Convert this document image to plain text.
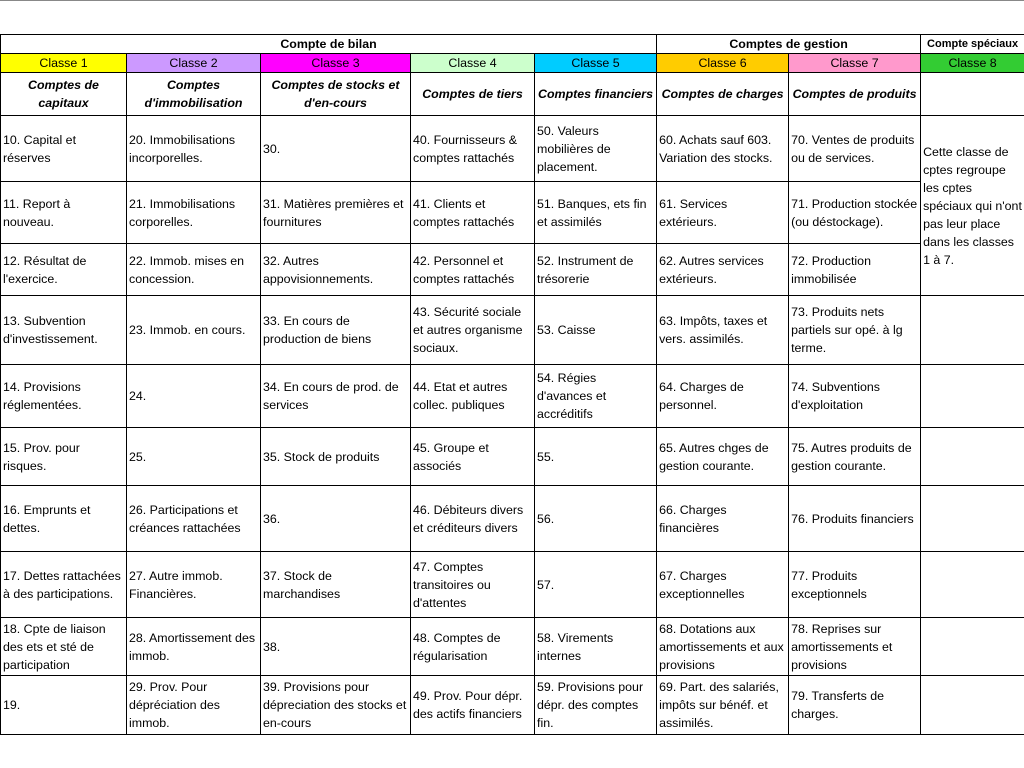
Compte de bilan					Comptes de gestion		Compte spéciaux
Classe 1	Classe 2	Classe 3	Classe 4	Classe 5	Classe 6	Classe 7	Classe 8
Comptes de capitaux	Comptes d'immobilisation	Comptes de stocks et d'en-cours	Comptes de tiers	Comptes financiers	Comptes de charges	Comptes de produits	
10. Capital et réserves	20. Immobilisations incorporelles.	30.	40. Fournisseurs & comptes rattachés	50. Valeurs mobilières de placement.	60. Achats sauf 603. Variation des stocks.	70. Ventes de produits ou de services.	Cette classe de cptes regroupe les cptes spéciaux qui n'ont pas leur place dans les classes 1 à 7.
11. Report à nouveau.	21. Immobilisations corporelles.	31. Matières premières et fournitures	41. Clients et comptes rattachés	51. Banques, ets fin et assimilés	61. Services extérieurs.	71. Production stockée
(ou déstockage).	
12. Résultat de l'exercice.	22. Immob. mises en concession.	32. Autres appovisionnements.	42. Personnel et comptes rattachés	52. Instrument de trésorerie	62. Autres services extérieurs.	72. Production immobilisée	
13. Subvention d'investissement.	23. Immob. en cours.	33. En cours de production de biens	43. Sécurité sociale et autres organisme sociaux.	53. Caisse	63. Impôts, taxes et vers. assimilés.	73. Produits nets partiels sur opé. à lg terme.	
14. Provisions réglementées.	24.	34. En cours de prod. de services	44. Etat et autres collec. publiques	54. Régies d'avances et accréditifs	64. Charges de personnel.	74. Subventions d'exploitation	
15. Prov. pour risques.	25.	35. Stock de produits	45. Groupe et associés	55.	65. Autres chges de gestion courante.	75. Autres produits de gestion courante.	
16. Emprunts et dettes.	26. Participations et créances rattachées	36.	46. Débiteurs divers et créditeurs divers	56.	66. Charges financières	76. Produits financiers	
17. Dettes rattachées à des participations.	27. Autre immob. Financières.	37. Stock de marchandises	47. Comptes transitoires ou d'attentes	57.	67. Charges exceptionnelles	77. Produits exceptionnels	
18. Cpte de liaison des ets et sté de participation	28. Amortissement des immob.	38.	48. Comptes de régularisation	58. Virements internes	68. Dotations aux amortissements et aux provisions	78. Reprises sur amortissements et provisions	
19.	29. Prov. Pour dépréciation des immob.	39. Provisions pour dépreciation des stocks et en-cours	49. Prov. Pour dépr. des actifs financiers	59. Provisions pour dépr. des comptes fin.	69. Part. des salariés, impôts sur bénéf. et assimilés.	79. Transferts de charges.	
